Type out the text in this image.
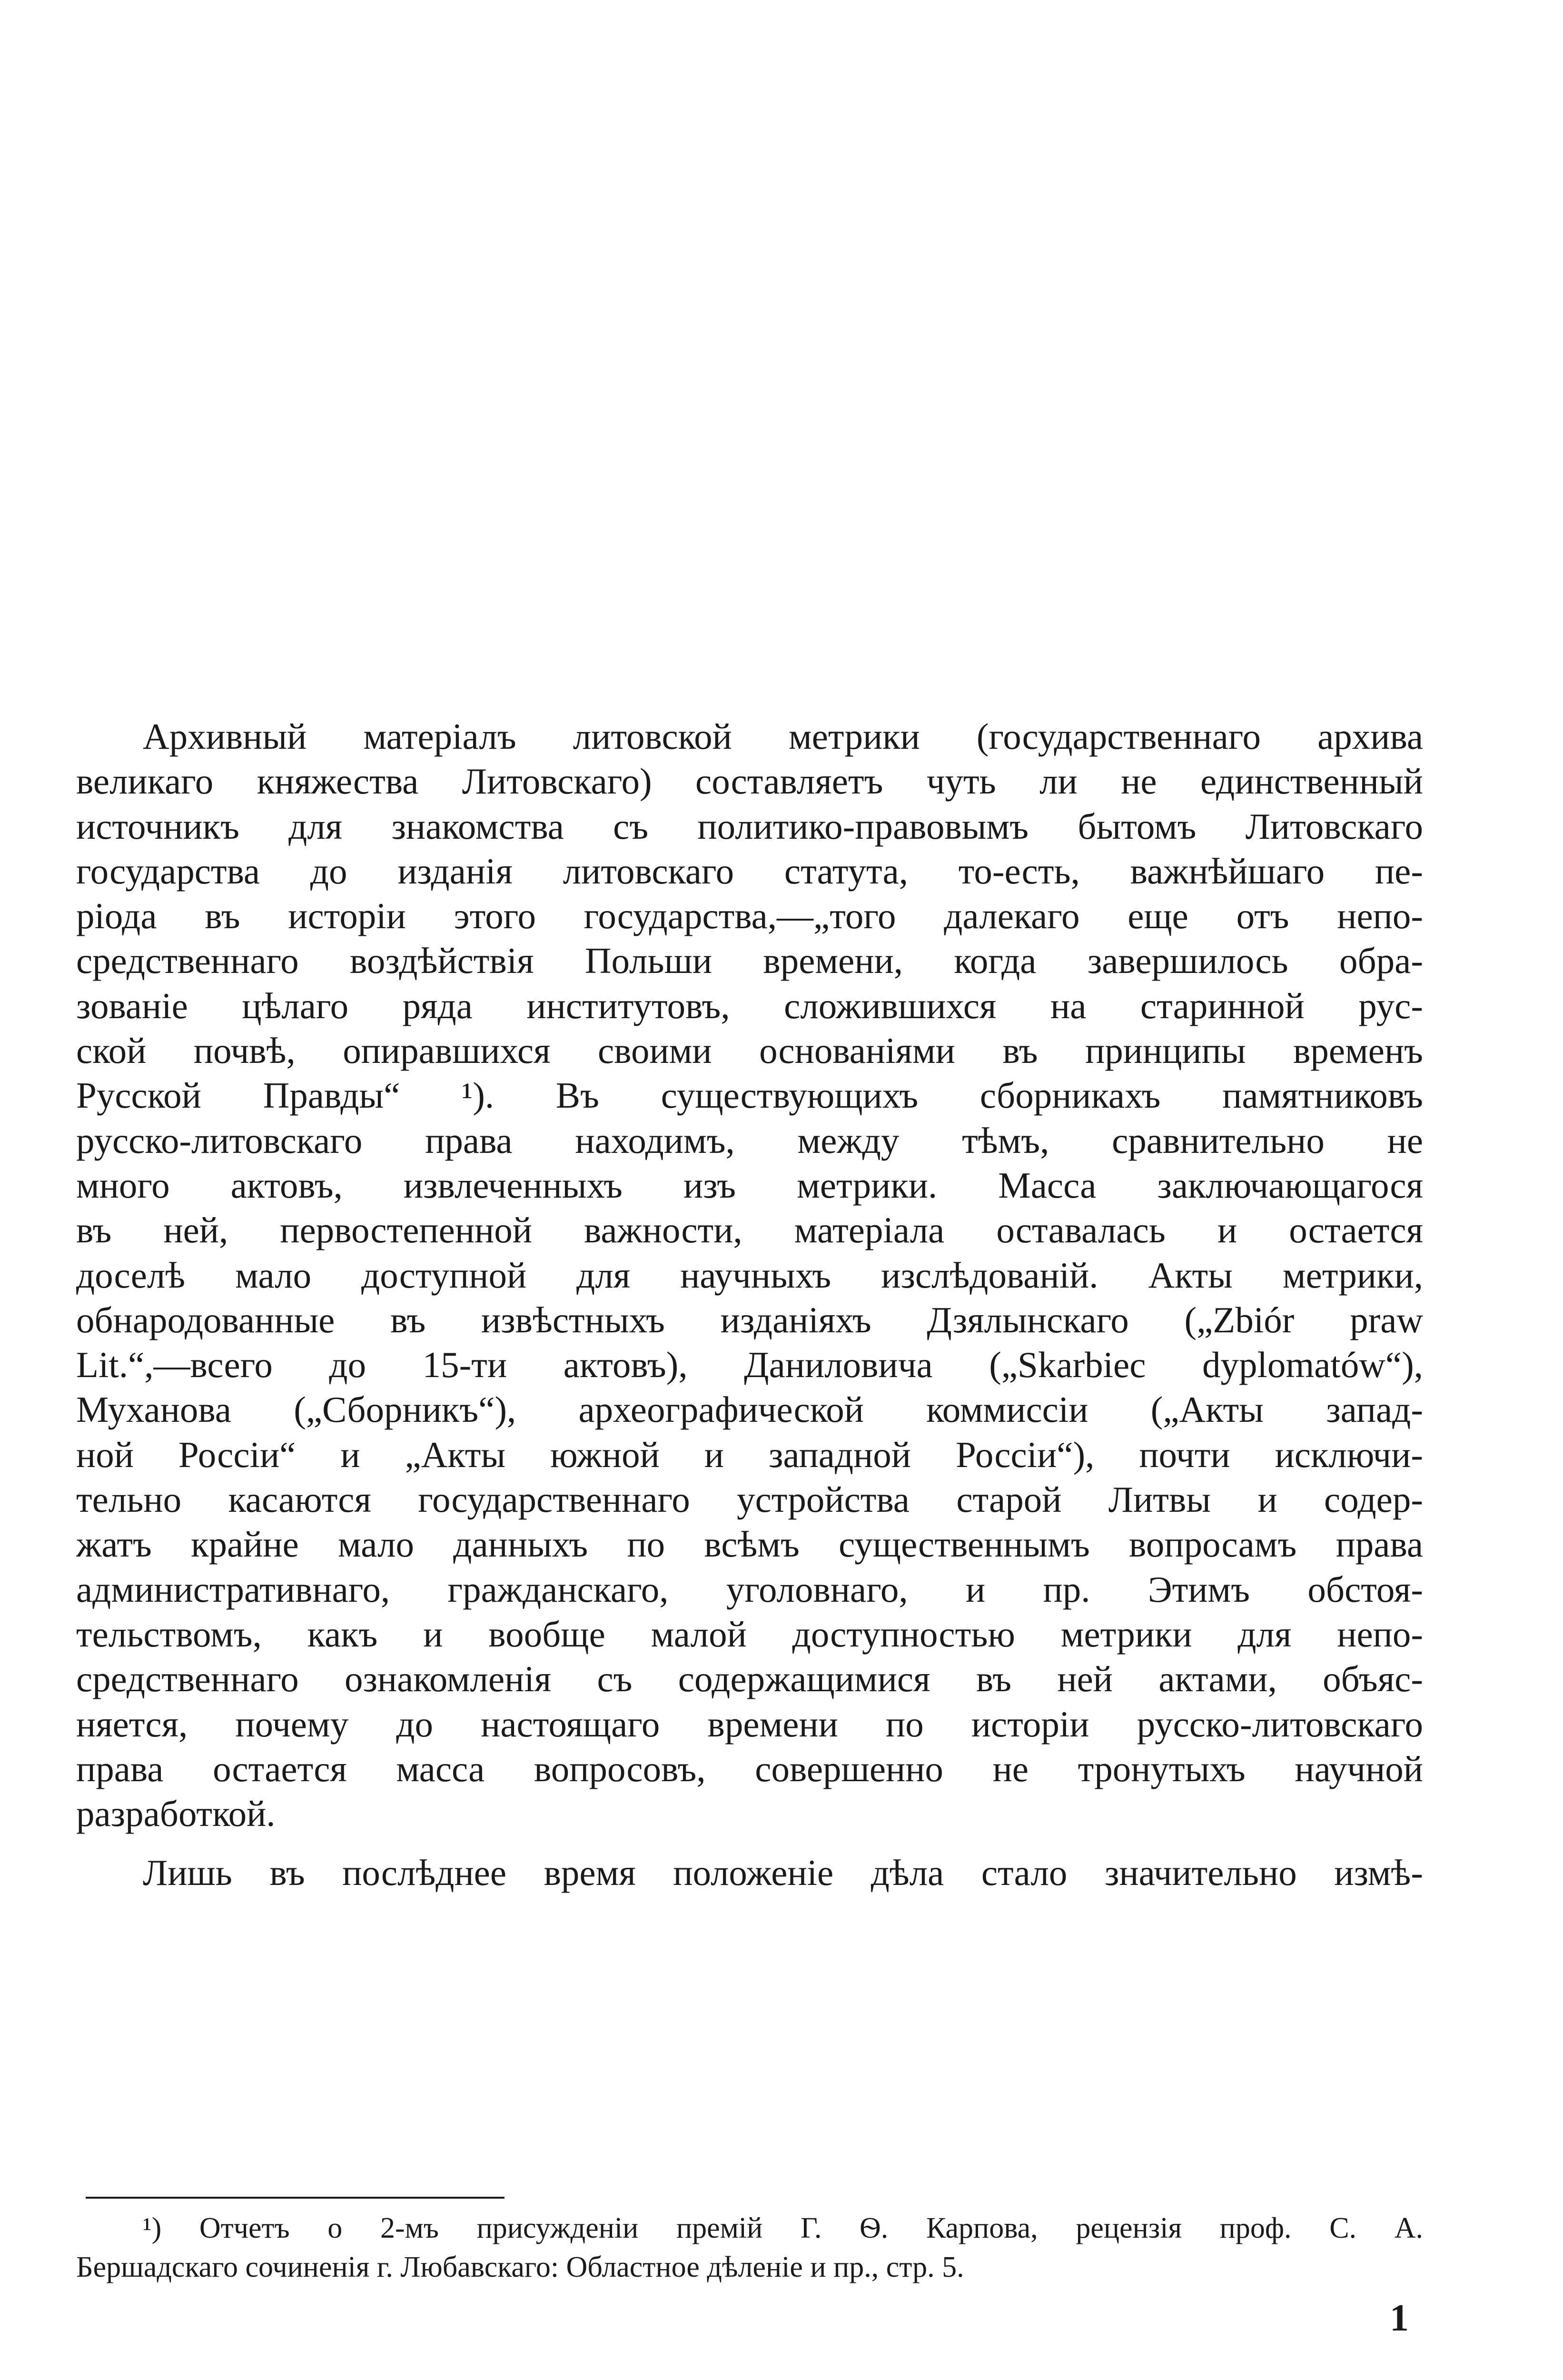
Архивный матеріалъ литовской метрики (государственнаго архива
великаго княжества Литовскаго) составляетъ чуть ли не единственный
источникъ для знакомства съ политико-правовымъ бытомъ Литовскаго
государства до изданія литовскаго статута, то-есть, важнѣйшаго пе-
ріода въ исторіи этого государства,—„того далекаго еще отъ непо-
средственнаго воздѣйствія Польши времени, когда завершилось обра-
зованіе цѣлаго ряда институтовъ, сложившихся на старинной рус-
ской почвѣ, опиравшихся своими основаніями въ принципы временъ
Русской Правды“ ¹). Въ существующихъ сборникахъ памятниковъ
русско-литовскаго права находимъ, между тѣмъ, сравнительно не
много актовъ, извлеченныхъ изъ метрики. Масса заключающагося
въ ней, первостепенной важности, матеріала оставалась и остается
доселѣ мало доступной для научныхъ изслѣдованій. Акты метрики,
обнародованные въ извѣстныхъ изданіяхъ Дзялынскаго („Zbiór praw
Lit.“,—всего до 15-ти актовъ), Даниловича („Skarbiec dyplomatów“),
Муханова („Сборникъ“), археографической коммиссіи („Акты запад-
ной Россіи“ и „Акты южной и западной Россіи“), почти исключи-
тельно касаются государственнаго устройства старой Литвы и содер-
жатъ крайне мало данныхъ по всѣмъ существеннымъ вопросамъ права
административнаго, гражданскаго, уголовнаго, и пр. Этимъ обстоя-
тельствомъ, какъ и вообще малой доступностью метрики для непо-
средственнаго ознакомленія съ содержащимися въ ней актами, объяс-
няется, почему до настоящаго времени по исторіи русско-литовскаго
права остается масса вопросовъ, совершенно не тронутыхъ научной
разработкой.

Лишь въ послѣднее время положеніе дѣла стало значительно измѣ-

¹) Отчетъ о 2-мъ присужденіи премій Г. Ѳ. Карпова, рецензія проф. С. А.
Бершадскаго сочиненія г. Любавскаго: Областное дѣленіе и пр., стр. 5.
1
